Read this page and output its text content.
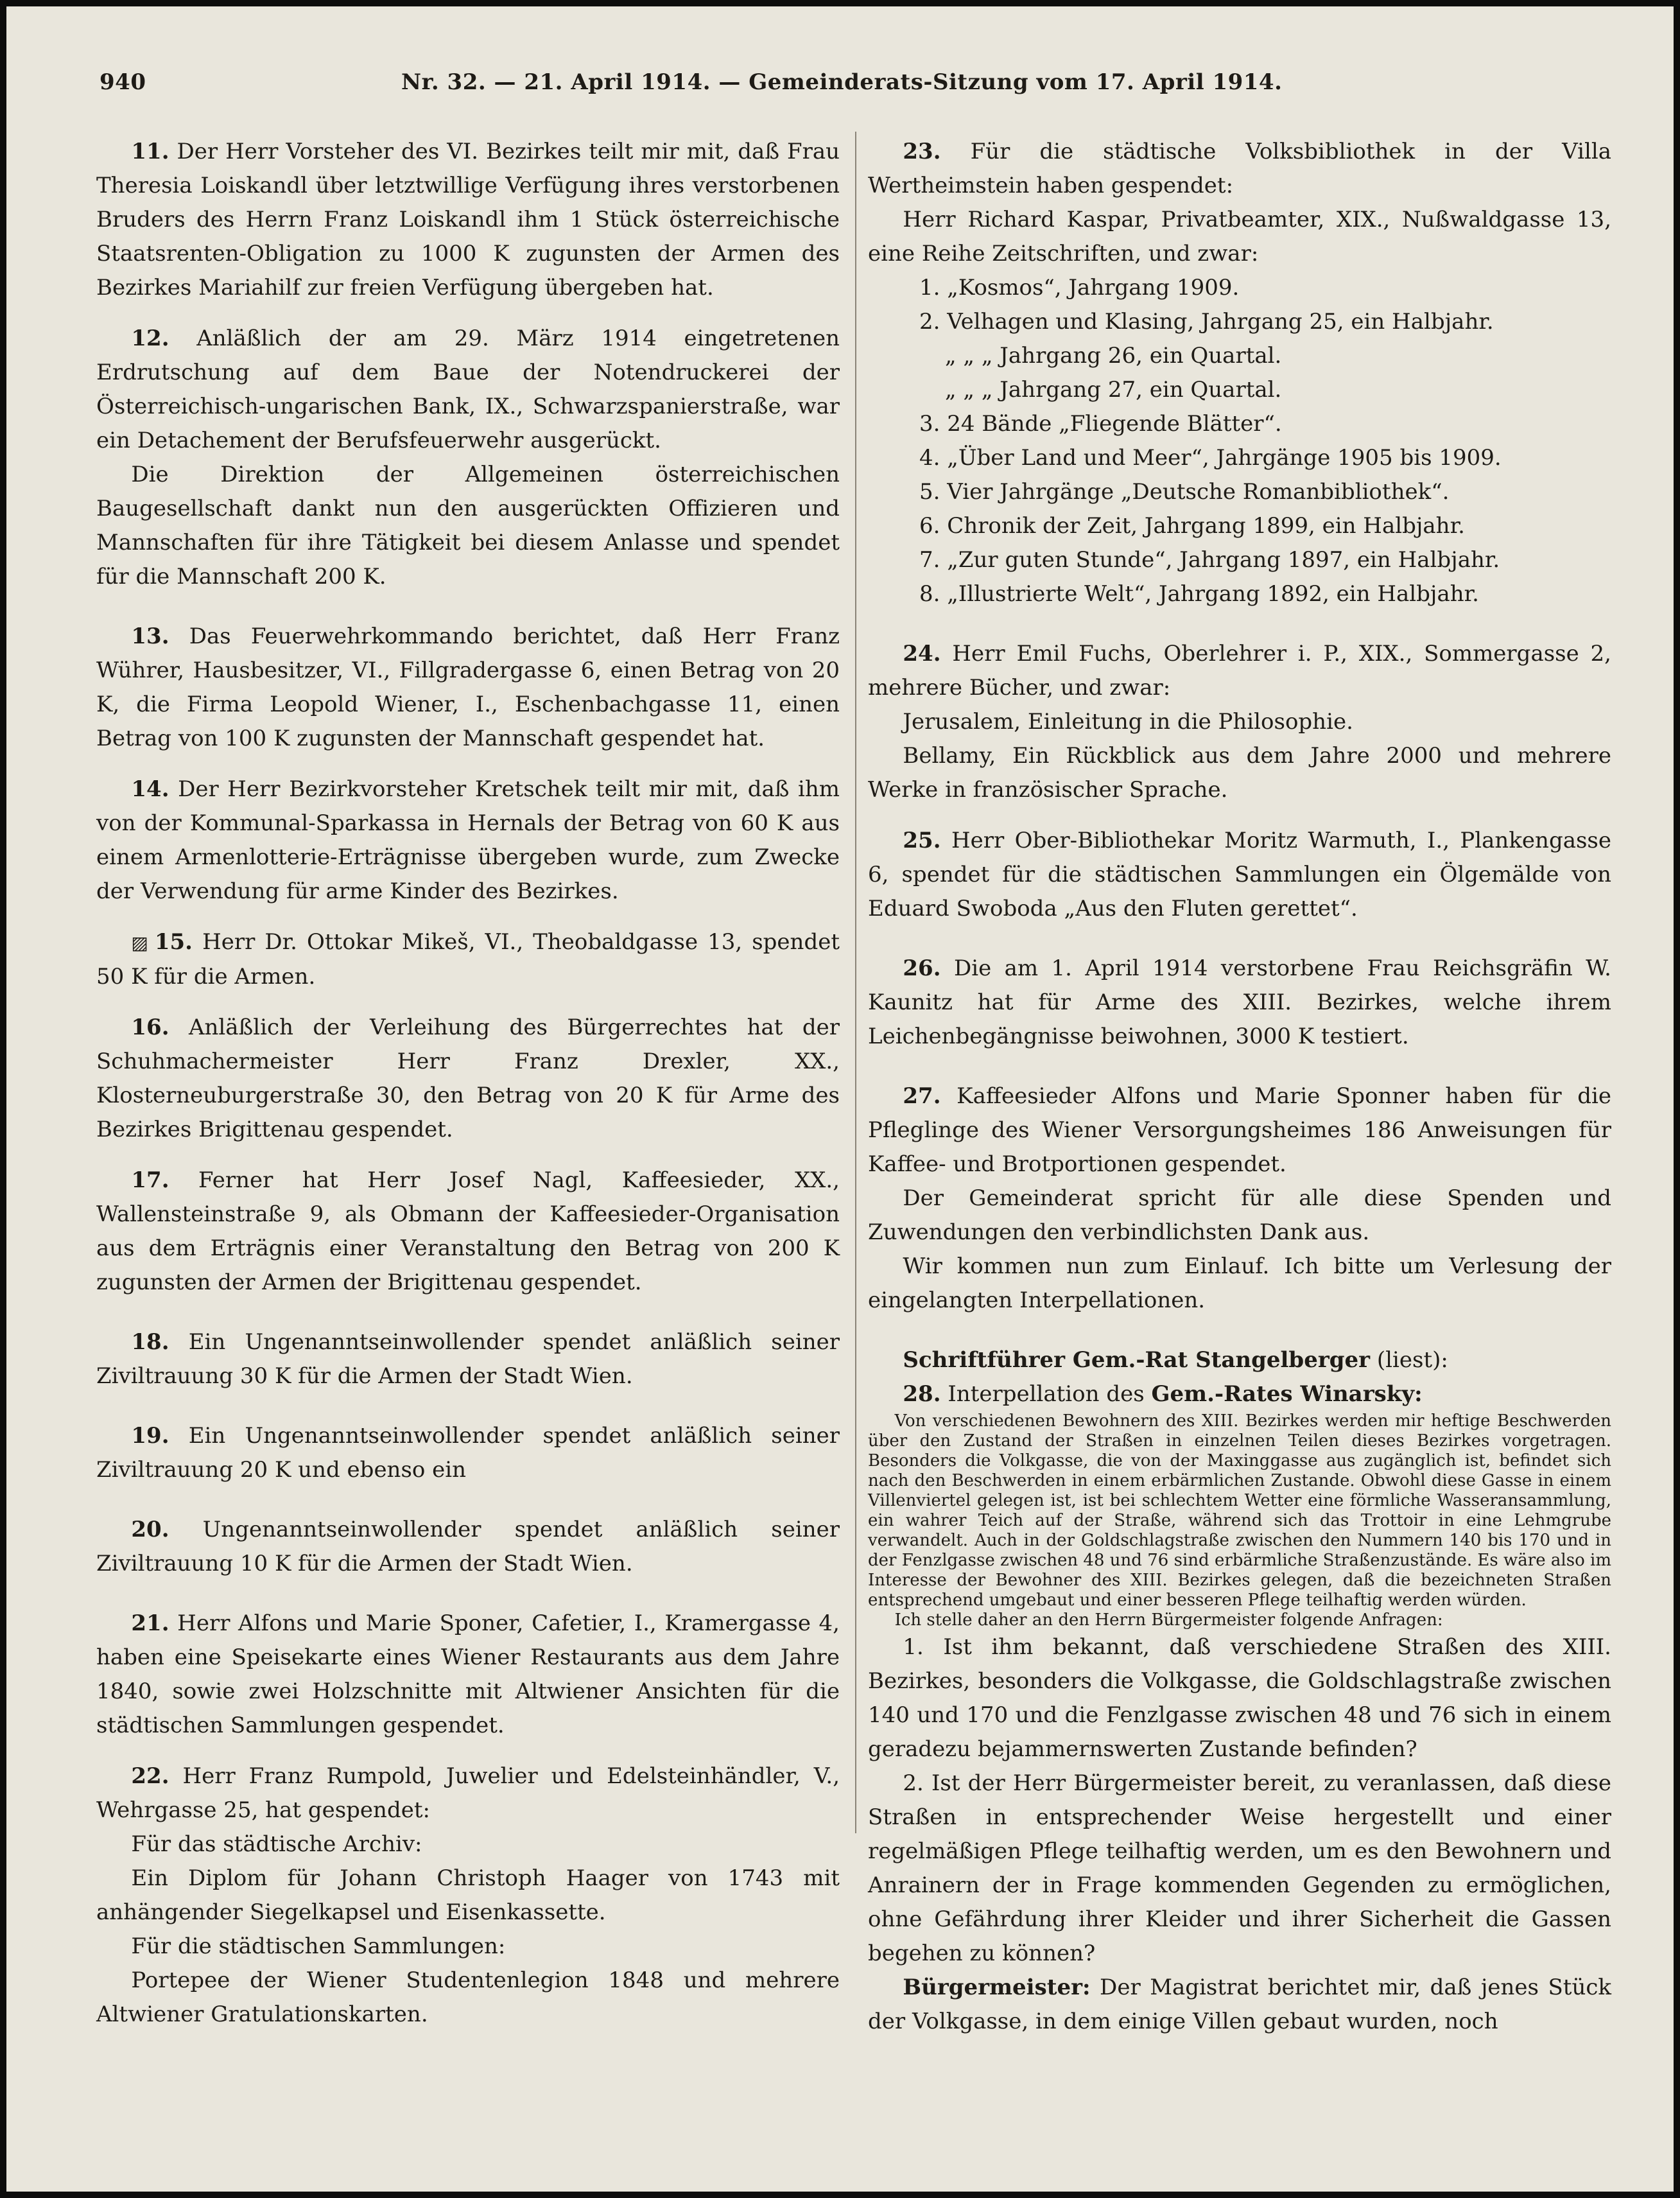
940	Nr. 32. — 21. April 1914. — Gemeinderats-Sitzung vom 17. April 1914.

11. Der Herr Vorsteher des VI. Bezirkes teilt mir mit, daß Frau Theresia Loiskandl über letztwillige Verfügung ihres verstorbenen Bruders des Herrn Franz Loiskandl ihm 1 Stück österreichische Staatsrenten-Obligation zu 1000 K zugunsten der Armen des Bezirkes Mariahilf zur freien Verfügung übergeben hat.

12. Anläßlich der am 29. März 1914 eingetretenen Erdrutschung auf dem Baue der Notendruckerei der Österreichisch-ungarischen Bank, IX., Schwarzspanierstraße, war ein Detachement der Berufsfeuerwehr ausgerückt.

Die Direktion der Allgemeinen österreichischen Baugesellschaft dankt nun den ausgerückten Offizieren und Mannschaften für ihre Tätigkeit bei diesem Anlasse und spendet für die Mannschaft 200 K.

13. Das Feuerwehrkommando berichtet, daß Herr Franz Wührer, Hausbesitzer, VI., Fillgradergasse 6, einen Betrag von 20 K, die Firma Leopold Wiener, I., Eschenbachgasse 11, einen Betrag von 100 K zugunsten der Mannschaft gespendet hat.

14. Der Herr Bezirkvorsteher Kretschek teilt mir mit, daß ihm von der Kommunal-Sparkassa in Hernals der Betrag von 60 K aus einem Armenlotterie-Erträgnisse übergeben wurde, zum Zwecke der Verwendung für arme Kinder des Bezirkes.

▨ 15. Herr Dr. Ottokar Mikeš, VI., Theobaldgasse 13, spendet 50 K für die Armen.

16. Anläßlich der Verleihung des Bürgerrechtes hat der Schuhmachermeister Herr Franz Drexler, XX., Klosterneuburgerstraße 30, den Betrag von 20 K für Arme des Bezirkes Brigittenau gespendet.

17. Ferner hat Herr Josef Nagl, Kaffeesieder, XX., Wallensteinstraße 9, als Obmann der Kaffeesieder-Organisation aus dem Erträgnis einer Veranstaltung den Betrag von 200 K zugunsten der Armen der Brigittenau gespendet.

18. Ein Ungenanntseinwollender spendet anläßlich seiner Ziviltrauung 30 K für die Armen der Stadt Wien.

19. Ein Ungenanntseinwollender spendet anläßlich seiner Ziviltrauung 20 K und ebenso ein

20. Ungenanntseinwollender spendet anläßlich seiner Ziviltrauung 10 K für die Armen der Stadt Wien.

21. Herr Alfons und Marie Sponer, Cafetier, I., Kramergasse 4, haben eine Speisekarte eines Wiener Restaurants aus dem Jahre 1840, sowie zwei Holzschnitte mit Altwiener Ansichten für die städtischen Sammlungen gespendet.

22. Herr Franz Rumpold, Juwelier und Edelsteinhändler, V., Wehrgasse 25, hat gespendet:

Für das städtische Archiv:

Ein Diplom für Johann Christoph Haager von 1743 mit anhängender Siegelkapsel und Eisenkassette.

Für die städtischen Sammlungen:

Portepee der Wiener Studentenlegion 1848 und mehrere Altwiener Gratulationskarten.

23. Für die städtische Volksbibliothek in der Villa Wertheimstein haben gespendet:

Herr Richard Kaspar, Privatbeamter, XIX., Nußwaldgasse 13, eine Reihe Zeitschriften, und zwar:

1. „Kosmos“, Jahrgang 1909.

2. Velhagen und Klasing, Jahrgang 25, ein Halbjahr.

„ „ „ Jahrgang 26, ein Quartal.

„ „ „ Jahrgang 27, ein Quartal.

3. 24 Bände „Fliegende Blätter“.

4. „Über Land und Meer“, Jahrgänge 1905 bis 1909.

5. Vier Jahrgänge „Deutsche Romanbibliothek“.

6. Chronik der Zeit, Jahrgang 1899, ein Halbjahr.

7. „Zur guten Stunde“, Jahrgang 1897, ein Halbjahr.

8. „Illustrierte Welt“, Jahrgang 1892, ein Halbjahr.

24. Herr Emil Fuchs, Oberlehrer i. P., XIX., Sommergasse 2, mehrere Bücher, und zwar:

Jerusalem, Einleitung in die Philosophie.

Bellamy, Ein Rückblick aus dem Jahre 2000 und mehrere Werke in französischer Sprache.

25. Herr Ober-Bibliothekar Moritz Warmuth, I., Plankengasse 6, spendet für die städtischen Sammlungen ein Ölgemälde von Eduard Swoboda „Aus den Fluten gerettet“.

26. Die am 1. April 1914 verstorbene Frau Reichsgräfin W. Kaunitz hat für Arme des XIII. Bezirkes, welche ihrem Leichenbegängnisse beiwohnen, 3000 K testiert.

27. Kaffeesieder Alfons und Marie Sponner haben für die Pfleglinge des Wiener Versorgungsheimes 186 Anweisungen für Kaffee- und Brotportionen gespendet.

Der Gemeinderat spricht für alle diese Spenden und Zuwendungen den verbindlichsten Dank aus.

Wir kommen nun zum Einlauf. Ich bitte um Verlesung der eingelangten Interpellationen.

Schriftführer Gem.-Rat Stangelberger (liest):

28. Interpellation des Gem.-Rates Winarsky:

Von verschiedenen Bewohnern des XIII. Bezirkes werden mir heftige Beschwerden über den Zustand der Straßen in einzelnen Teilen dieses Bezirkes vorgetragen. Besonders die Volkgasse, die von der Maxinggasse aus zugänglich ist, befindet sich nach den Beschwerden in einem erbärmlichen Zustande. Obwohl diese Gasse in einem Villenviertel gelegen ist, ist bei schlechtem Wetter eine förmliche Wasseransammlung, ein wahrer Teich auf der Straße, während sich das Trottoir in eine Lehmgrube verwandelt. Auch in der Goldschlagstraße zwischen den Nummern 140 bis 170 und in der Fenzlgasse zwischen 48 und 76 sind erbärmliche Straßenzustände. Es wäre also im Interesse der Bewohner des XIII. Bezirkes gelegen, daß die bezeichneten Straßen entsprechend umgebaut und einer besseren Pflege teilhaftig werden würden.

Ich stelle daher an den Herrn Bürgermeister folgende Anfragen:

1. Ist ihm bekannt, daß verschiedene Straßen des XIII. Bezirkes, besonders die Volkgasse, die Goldschlagstraße zwischen 140 und 170 und die Fenzlgasse zwischen 48 und 76 sich in einem geradezu bejammernswerten Zustande befinden?

2. Ist der Herr Bürgermeister bereit, zu veranlassen, daß diese Straßen in entsprechender Weise hergestellt und einer regelmäßigen Pflege teilhaftig werden, um es den Bewohnern und Anrainern der in Frage kommenden Gegenden zu ermöglichen, ohne Gefährdung ihrer Kleider und ihrer Sicherheit die Gassen begehen zu können?

Bürgermeister: Der Magistrat berichtet mir, daß jenes Stück der Volkgasse, in dem einige Villen gebaut wurden, noch
